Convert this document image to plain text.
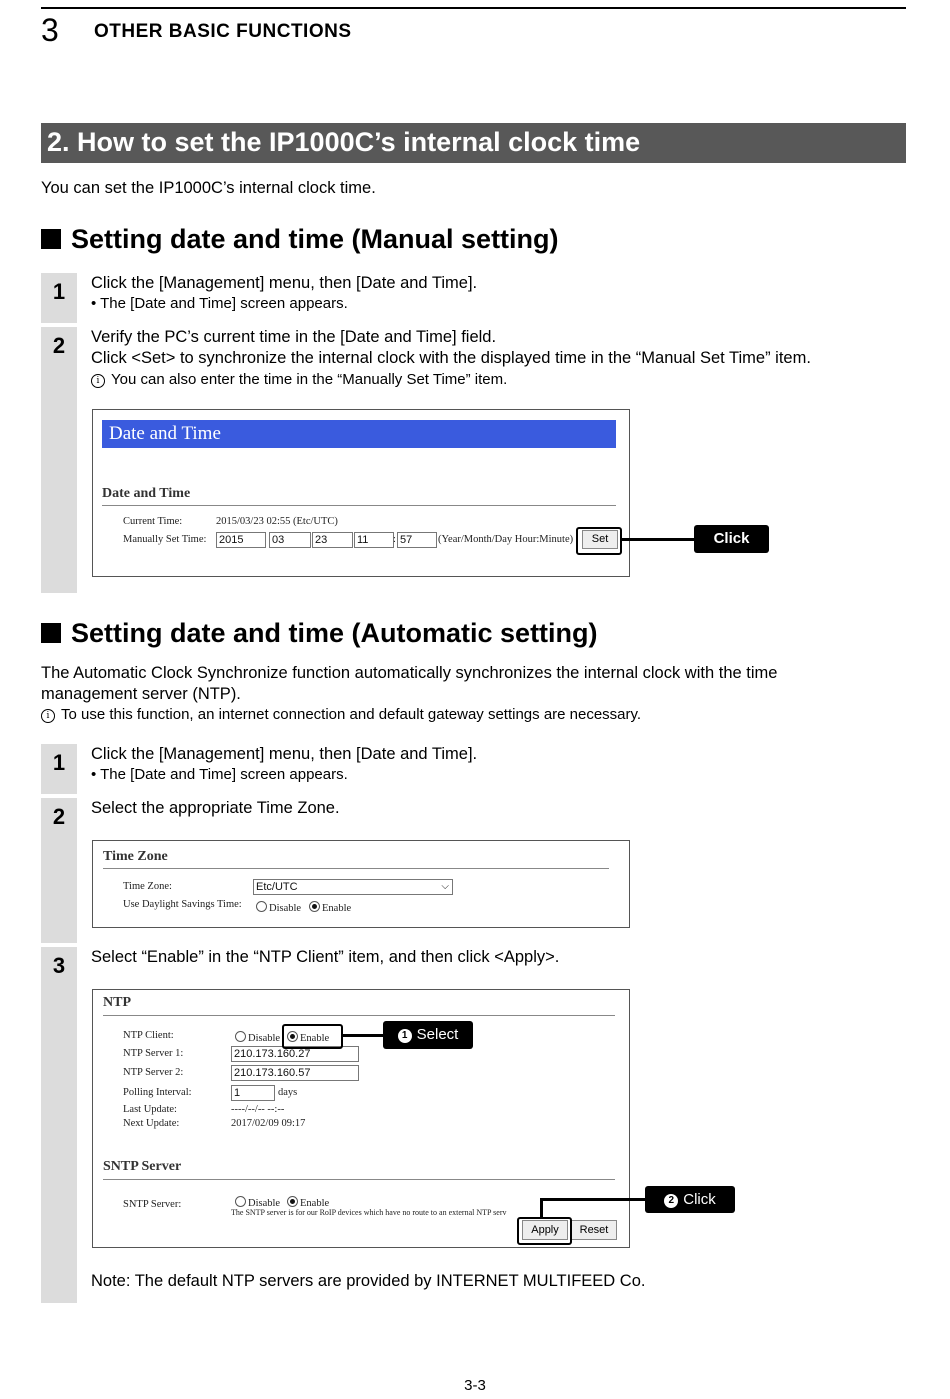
3 OTHER BASIC FUNCTIONS
2. How to set the IP1000C’s internal clock time
You can set the IP1000C’s internal clock time.
Setting date and time (Manual setting)
1	Click the [Management] menu, then [Date and Time].
• The [Date and Time] screen appears.
2	Verify the PC’s current time in the [Date and Time] field.
Click <Set> to synchronize the internal clock with the displayed time in the “Manual Set Time” item.
i You can also enter the time in the “Manually Set Time” item.
Date and Time
Date and Time
Current Time:	2015/03/23 02:55 (Etc/UTC)
Manually Set Time: 2015	03	23	11	: 57	(Year/Month/Day Hour:Minute)	Set	Click
Setting date and time (Automatic setting)
The Automatic Clock Synchronize function automatically synchronizes the internal clock with the time
management server (NTP).
i To use this function, an internet connection and default gateway settings are necessary.
1	Click the [Management] menu, then [Date and Time].
• The [Date and Time] screen appears.
2	Select the appropriate Time Zone.
Time Zone
Time Zone:	Etc/UTC	⌵
Use Daylight Savings Time:	Disable	Enable
3	Select “Enable” in the “NTP Client” item, and then click <Apply>.
NTP
NTP Client:	Disable	Enable
NTP Server 1:	210.173.160.27
NTP Server 2:	210.173.160.57
Polling Interval:	1	days
Last Update:	----/--/-- --:--
Next Update:	2017/02/09 09:17
SNTP Server
SNTP Server:	Disable	Enable
The SNTP server is for our RoIP devices which have no route to an external NTP serv
Apply	Reset
1 Select
2 Click
Note: The default NTP servers are provided by INTERNET MULTIFEED Co.
3-3
